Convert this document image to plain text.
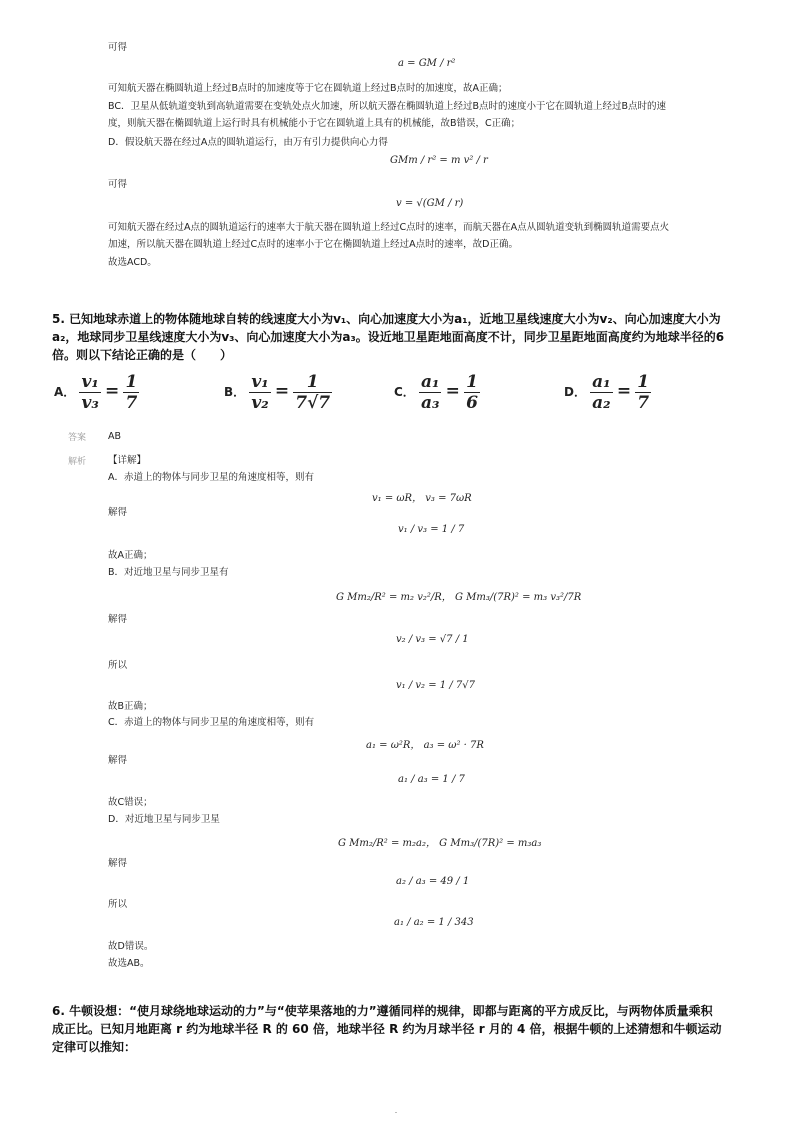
可得
a = GM / r²
可知航天器在椭圆轨道上经过B点时的加速度等于它在圆轨道上经过B点时的加速度，故A正确；
BC．卫星从低轨道变轨到高轨道需要在变轨处点火加速，所以航天器在椭圆轨道上经过B点时的速度小于它在圆轨道上经过B点时的速
度，则航天器在椭圆轨道上运行时具有机械能小于它在圆轨道上具有的机械能，故B错误，C正确；
D．假设航天器在经过A点的圆轨道运行，由万有引力提供向心力得
GMm / r² = m v² / r
可得
v = √(GM / r)
可知航天器在经过A点的圆轨道运行的速率大于航天器在圆轨道上经过C点时的速率，而航天器在A点从圆轨道变轨到椭圆轨道需要点火
加速，所以航天器在圆轨道上经过C点时的速率小于它在椭圆轨道上经过A点时的速率，故D正确。
故选ACD。
5. 已知地球赤道上的物体随地球自转的线速度大小为v₁、向心加速度大小为a₁，近地卫星线速度大小为v₂、向心加速度大小为
a₂，地球同步卫星线速度大小为v₃、向心加速度大小为a₃。设近地卫星距地面高度不计，同步卫星距地面高度约为地球半径的6
倍。则以下结论正确的是（　　）
A． $\frac{\text{v₁}}{\text{v₃}} = \frac{1}{7}$	B． $\frac{\text{v₁}}{\text{v₂}} = \frac{1}{7√7}$	C． $\frac{\text{a₁}}{\text{a₃}} = \frac{1}{6}$	D． $\frac{\text{a₁}}{\text{a₂}} = \frac{1}{7}$
答案 AB
解析 【详解】
A．赤道上的物体与同步卫星的角速度相等，则有
v₁ = ωR， v₃ = 7ωR
解得
v₁ / v₃ = 1 / 7
故A正确；
B．对近地卫星与同步卫星有
G Mm₂/R² = m₂ v₂²/R， G Mm₃/(7R)² = m₃ v₃²/7R
解得
v₂ / v₃ = √7 / 1
所以
v₁ / v₂ = 1 / 7√7
故B正确；
C．赤道上的物体与同步卫星的角速度相等，则有
a₁ = ω²R， a₃ = ω² · 7R
解得
a₁ / a₃ = 1 / 7
故C错误；
D．对近地卫星与同步卫星
G Mm₂/R² = m₂a₂， G Mm₃/(7R)² = m₃a₃
解得
a₂ / a₃ = 49 / 1
所以
a₁ / a₂ = 1 / 343
故D错误。
故选AB。
6. 牛顿设想：“使月球绕地球运动的力”与“使苹果落地的力”遵循同样的规律，即都与距离的平方成反比，与两物体质量乘积
成正比。已知月地距离 r 约为地球半径 R 的 60 倍，地球半径 R 约为月球半径 r 月的 4 倍，根据牛顿的上述猜想和牛顿运动
定律可以推知：
